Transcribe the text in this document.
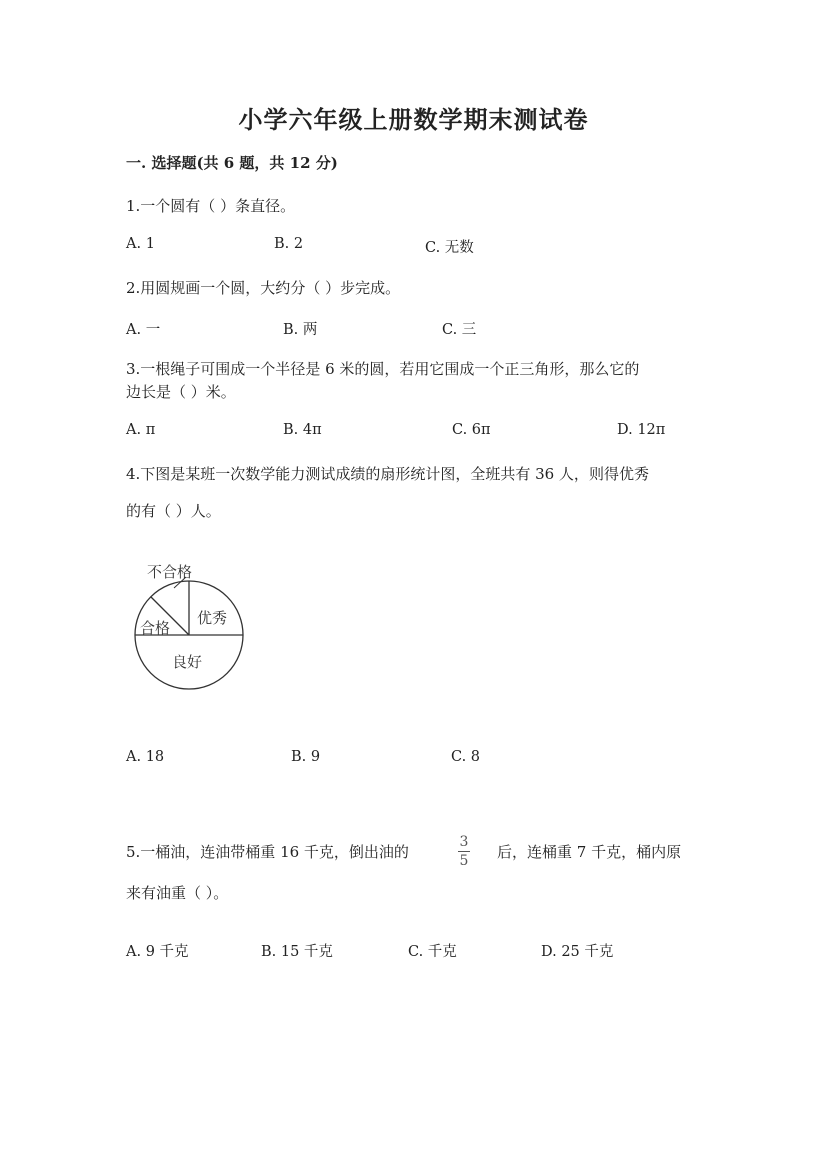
小学六年级上册数学期末测试卷
一. 选择题(共 6 题，共 12 分)
1.一个圆有（ ）条直径。
A. 1	B. 2	C. 无数
2.用圆规画一个圆，大约分（ ）步完成。
A. 一	B. 两	C. 三
3.一根绳子可围成一个半径是 6 米的圆，若用它围成一个正三角形，那么它的
边长是（ ）米。
A. π	B. 4π	C. 6π	D. 12π
4.下图是某班一次数学能力测试成绩的扇形统计图，全班共有 36 人，则得优秀
的有（ ）人。
不合格
合格
优秀
良好
A. 18	B. 9	C. 8
5.一桶油，连油带桶重 16 千克，倒出油的
3
5	后，连桶重 7 千克，桶内原
来有油重（ ）。
A. 9 千克	B. 15 千克	C. 千克	D. 25 千克
